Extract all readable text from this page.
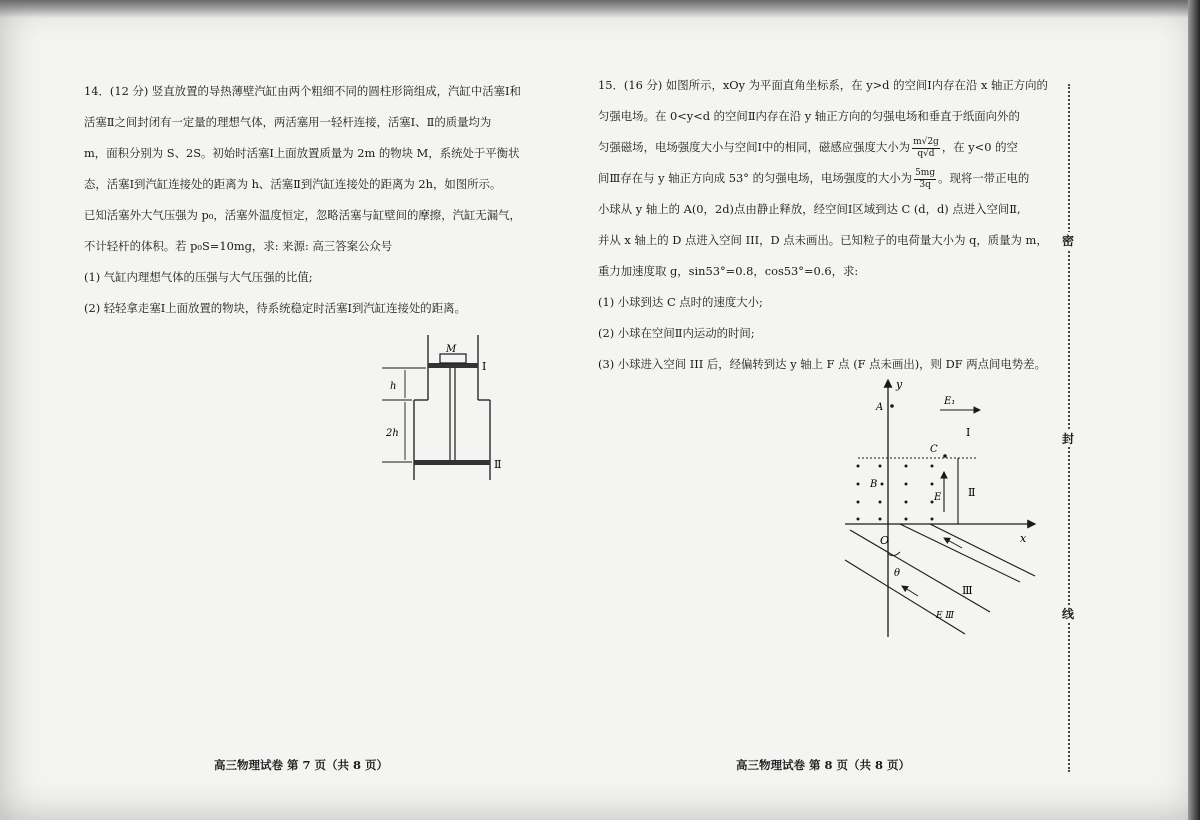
14．(12 分) 竖直放置的导热薄壁汽缸由两个粗细不同的圆柱形筒组成，汽缸中活塞Ⅰ和

活塞Ⅱ之间封闭有一定量的理想气体，两活塞用一轻杆连接，活塞Ⅰ、Ⅱ的质量均为

m，面积分别为 S、2S。初始时活塞Ⅰ上面放置质量为 2m 的物块 M，系统处于平衡状

态，活塞Ⅰ到汽缸连接处的距离为 h、活塞Ⅱ到汽缸连接处的距离为 2h，如图所示。

已知活塞外大气压强为 p₀，活塞外温度恒定，忽略活塞与缸壁间的摩擦，汽缸无漏气，

不计轻杆的体积。若 p₀S=10mg，求: 来源: 高三答案公众号

(1) 气缸内理想气体的压强与大气压强的比值;

(2) 轻轻拿走塞Ⅰ上面放置的物块，待系统稳定时活塞Ⅰ到汽缸连接处的距离。

M
Ⅰ
Ⅱ
h
2h

15．(16 分) 如图所示，xOy 为平面直角坐标系，在 y>d 的空间Ⅰ内存在沿 x 轴正方向的

匀强电场。在 0<y<d 的空间Ⅱ内存在沿 y 轴正方向的匀强电场和垂直于纸面向外的

匀强磁场，电场强度大小与空间Ⅰ中的相同，磁感应强度大小为 $\frac{m√2g}{q√d}$ ，在 y<0 的空

间Ⅲ存在与 y 轴正方向成 53° 的匀强电场，电场强度的大小为 $\frac{5mg}{3q}$ 。现将一带正电的

小球从 y 轴上的 A(0，2d)点由静止释放，经空间Ⅰ区域到达 C (d，d) 点进入空间Ⅱ,

并从 x 轴上的 D 点进入空间 III，D 点未画出。已知粒子的电荷量大小为 q，质量为 m，

重力加速度取 g，sin53°=0.8，cos53°=0.6，求:

(1) 小球到达 C 点时的速度大小;

(2) 小球在空间Ⅱ内运动的时间;

(3) 小球进入空间 III 后，经偏转到达 y 轴上 F 点 (F 点未画出)，则 DF 两点间电势差。

y
x
O
E₁
A
Ⅰ
C
B
E Ⅱ
θ
Ⅲ
E Ⅲ
高三物理试卷 第 7 页（共 8 页）	高三物理试卷 第 8 页（共 8 页）
密
封
线
